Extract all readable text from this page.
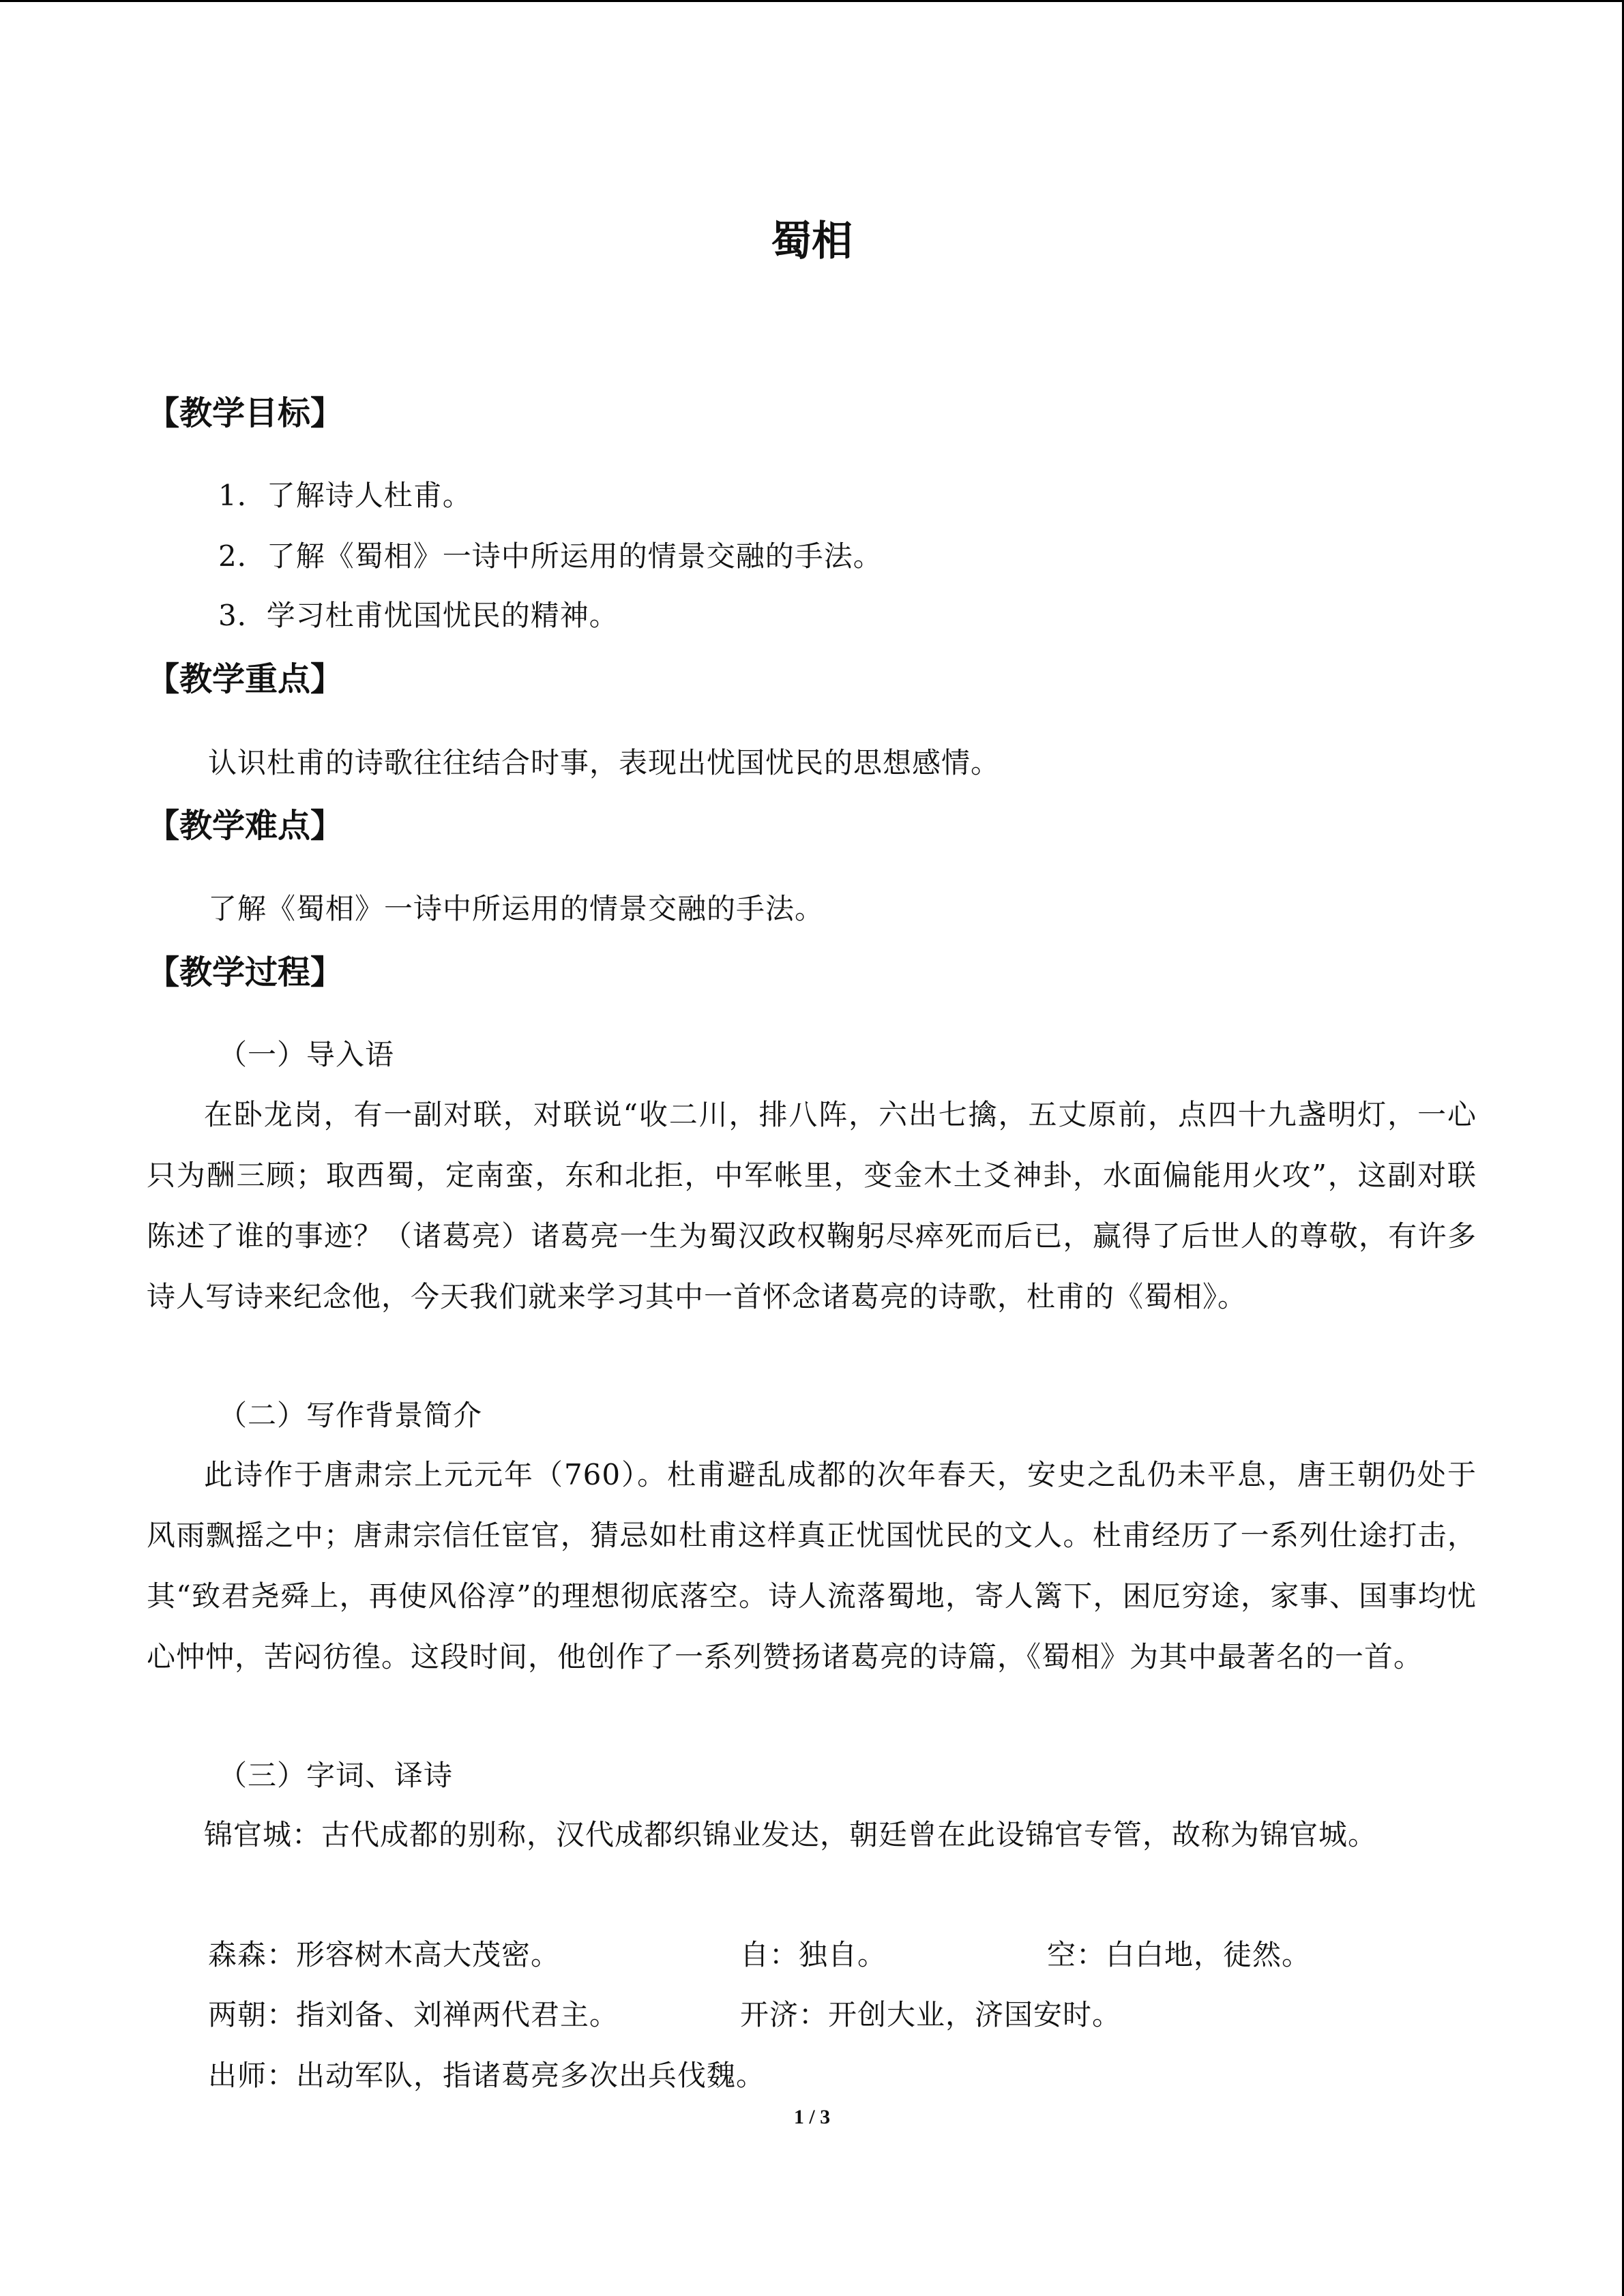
蜀相
【教学目标】
1．了解诗人杜甫。
2．了解《蜀相》一诗中所运用的情景交融的手法。
3．学习杜甫忧国忧民的精神。
【教学重点】
认识杜甫的诗歌往往结合时事，表现出忧国忧民的思想感情。
【教学难点】
了解《蜀相》一诗中所运用的情景交融的手法。
【教学过程】
（一）导入语
在卧龙岗，有一副对联，对联说“收二川，排八阵，六出七擒，五丈原前，点四十九盏明灯，一心只为酬三顾；取西蜀，定南蛮，东和北拒，中军帐里，变金木土爻神卦，水面偏能用火攻”，这副对联陈述了谁的事迹？（诸葛亮）诸葛亮一生为蜀汉政权鞠躬尽瘁死而后已，赢得了后世人的尊敬，有许多诗人写诗来纪念他，今天我们就来学习其中一首怀念诸葛亮的诗歌，杜甫的《蜀相》。
（二）写作背景简介
此诗作于唐肃宗上元元年（760）。杜甫避乱成都的次年春天，安史之乱仍未平息，唐王朝仍处于风雨飘摇之中；唐肃宗信任宦官，猜忌如杜甫这样真正忧国忧民的文人。杜甫经历了一系列仕途打击，其“致君尧舜上，再使风俗淳”的理想彻底落空。诗人流落蜀地，寄人篱下，困厄穷途，家事、国事均忧心忡忡，苦闷彷徨。这段时间，他创作了一系列赞扬诸葛亮的诗篇，《蜀相》为其中最著名的一首。
（三）字词、译诗
锦官城：古代成都的别称，汉代成都织锦业发达，朝廷曾在此设锦官专管，故称为锦官城。
森森：形容树木高大茂密。	自：独自。	空：白白地，徒然。
两朝：指刘备、刘禅两代君主。	开济：开创大业，济国安时。
出师：出动军队，指诸葛亮多次出兵伐魏。
1 / 3
